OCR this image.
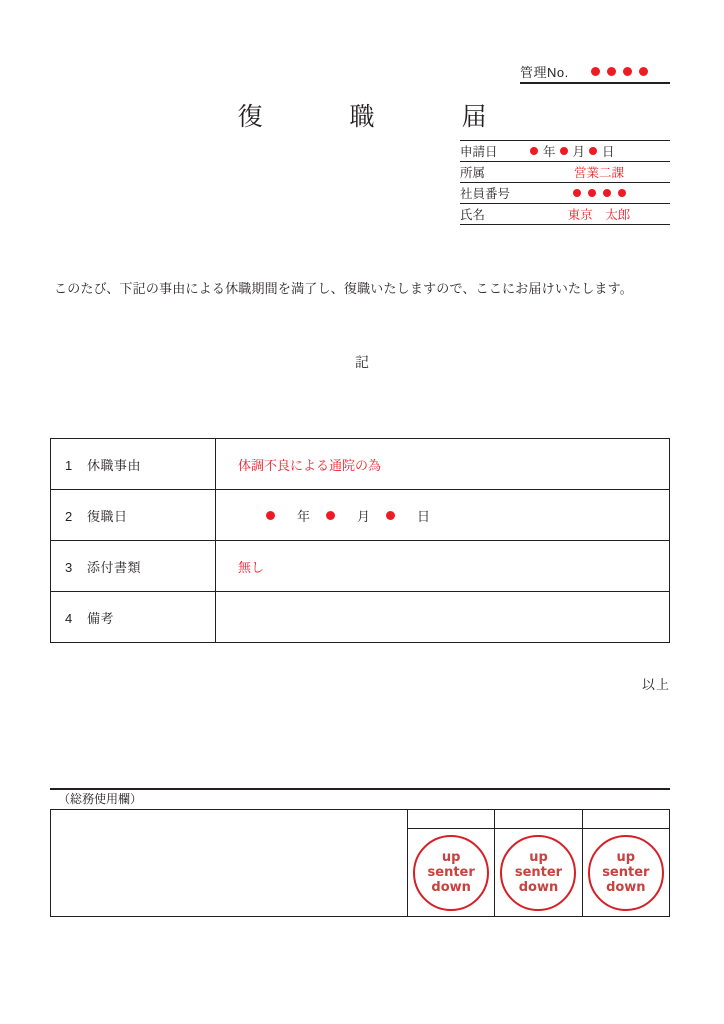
管理No.
復　職　届
申請日	年 月 日
所属	営業二課
社員番号
氏名	東京　太郎
このたび、下記の事由による休職期間を満了し、復職いたしますので、ここにお届けいたします。
記
1 休職事由	体調不良による通院の為
2 復職日	年 月 日

3 添付書類	無し
4 備考	
以上
（総務使用欄）

	up
senter
down	up
senter
down	up
senter
down
